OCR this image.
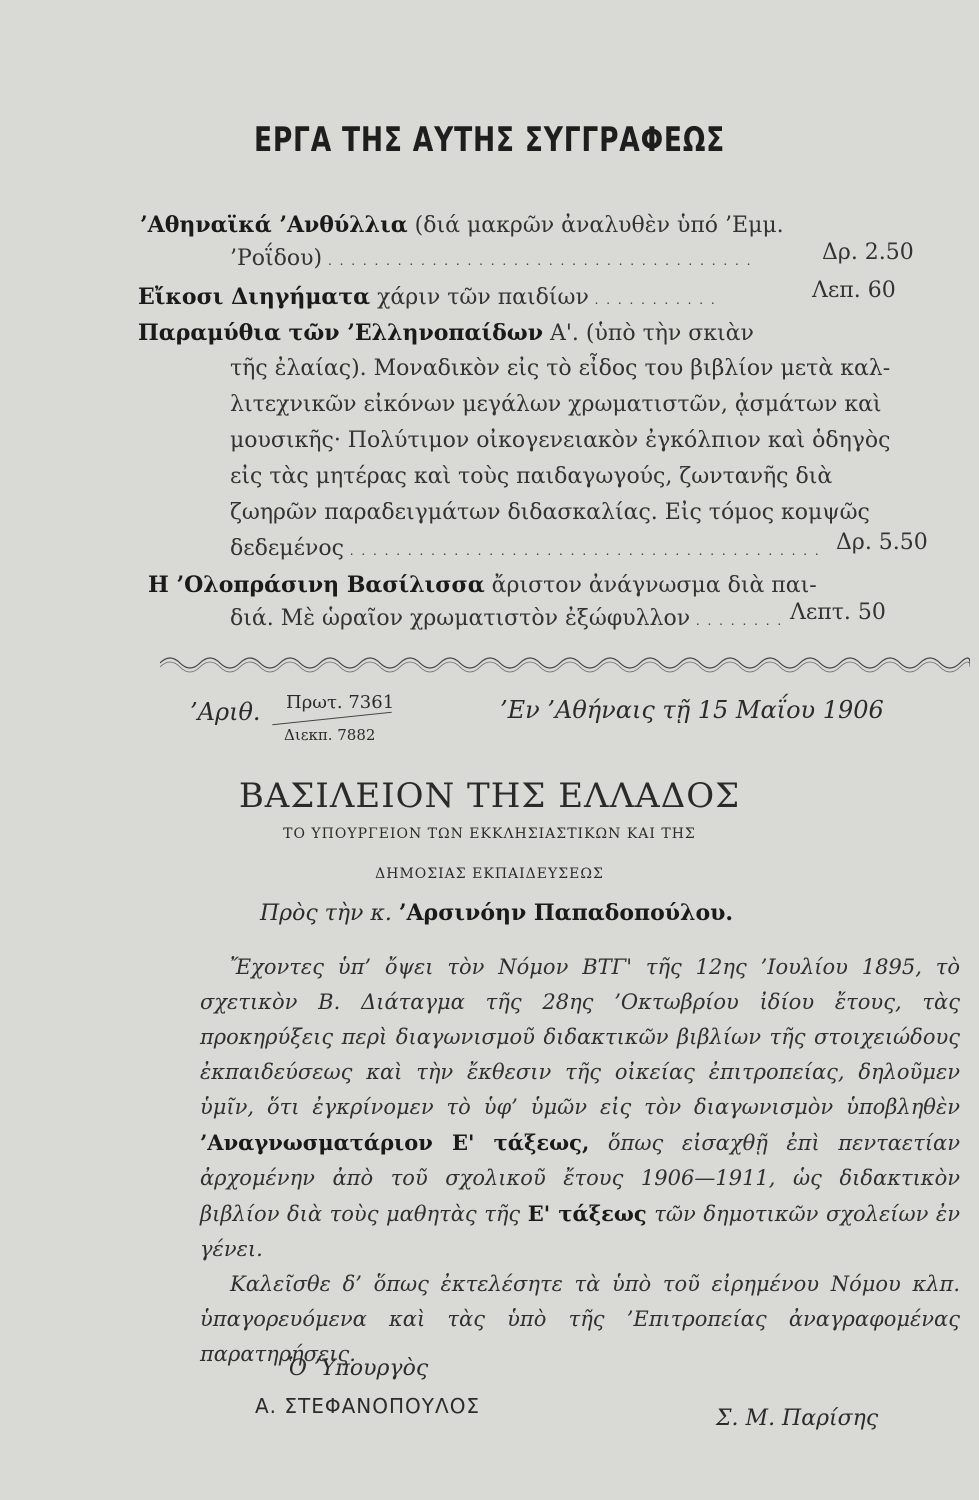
ΕΡΓΑ ΤΗΣ ΑΥΤΗΣ ΣΥΓΓΡΑΦΕΩΣ
’Αθηναϊκά ’Ανθύλλια (διά μακρῶν ἀναλυθὲν ὑπό ’Εμμ.
’Ροΐδου) . . . . . . . . . . . . . . . . . . . . . . . . . . . . . . . . . . . . .	Δρ. 2.50
Εἴκοσι Διηγήματα χάριν τῶν παιδίων . . . . . . . . . . .	Λεπ. 60
Παραμύθια τῶν ’Ελληνοπαίδων Α'. (ὑπὸ τὴν σκιὰν
τῆς ἐλαίας). Μοναδικὸν εἰς τὸ εἶδος του βιβλίον μετὰ καλ-
λιτεχνικῶν εἰκόνων μεγάλων χρωματιστῶν, ᾀσμάτων καὶ
μουσικῆς· Πολύτιμον οἰκογενειακὸν ἐγκόλπιον καὶ ὁδηγὸς
εἰς τὰς μητέρας καὶ τοὺς παιδαγωγούς, ζωντανῆς διὰ
ζωηρῶν παραδειγμάτων διδασκαλίας. Εἰς τόμος κομψῶς
δεδεμένος . . . . . . . . . . . . . . . . . . . . . . . . . . . . . . . . . . . . . . . . . Δρ. 5.50
Η ’Ολοπράσινη Βασίλισσα ἄριστον ἀνάγνωσμα διὰ παι-
διά. Μὲ ὡραῖον χρωματιστὸν ἐξώφυλλον . . . . . . . . Λεπτ. 50
’Αριθ. Πρωτ. 7361
Διεκπ. 7882
’Εν ’Αθήναις τῇ 15 Μαΐου 1906
ΒΑΣΙΛΕΙΟΝ ΤΗΣ ΕΛΛΑΔΟΣ
ΤΟ ΥΠΟΥΡΓΕΙΟΝ ΤΩΝ ΕΚΚΛΗΣΙΑΣΤΙΚΩΝ ΚΑΙ ΤΗΣ
ΔΗΜΟΣΙΑΣ ΕΚΠΑΙΔΕΥΣΕΩΣ
Πρὸς τὴν κ. ’Αρσινόην Παπαδοπούλου.

Ἔχοντες ὑπ’ ὄψει τὸν Νόμον ΒΤΓ' τῆς 12ης ’Ιουλίου 1895, τὸ σχετικὸν Β. Διάταγμα τῆς 28ης ’Οκτωβρίου ἰδίου ἔτους, τὰς προκηρύξεις περὶ διαγωνισμοῦ διδακτικῶν βιβλίων τῆς στοιχειώδους ἐκπαιδεύσεως καὶ τὴν ἔκθεσιν τῆς οἰκείας ἐπιτροπείας, δηλοῦμεν ὑμῖν, ὅτι ἐγκρίνομεν τὸ ὑφ’ ὑμῶν εἰς τὸν διαγωνισμὸν ὑποβληθὲν ’Αναγνωσματάριον Ε' τάξεως, ὅπως εἰσαχθῇ ἐπὶ πενταετίαν ἀρχομένην ἀπὸ τοῦ σχολικοῦ ἔτους 1906—1911, ὡς διδακτικὸν βιβλίον διὰ τοὺς μαθητὰς τῆς Ε' τάξεως τῶν δημοτικῶν σχολείων ἐν γένει.

Καλεῖσθε δ’ ὅπως ἐκτελέσητε τὰ ὑπὸ τοῦ εἰρημένου Νόμου κλπ. ὑπαγορευόμενα καὶ τὰς ὑπὸ τῆς ’Επιτροπείας ἀναγραφομένας παρατηρήσεις.

Ὁ ’Υπουργὸς
Α. ΣΤΕΦΑΝΟΠΟΥΛΟΣ	Σ. Μ. Παρίσης
